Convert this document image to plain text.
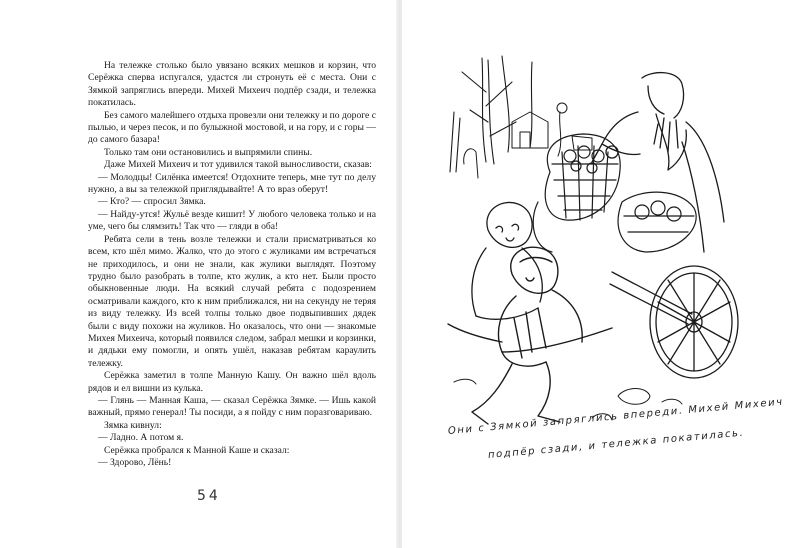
На тележке столько было увязано всяких мешков и корзин, что Серёжка сперва испугался, удастся ли стронуть её с места. Они с Зямкой запряглись впереди. Михей Михеич подпёр сзади, и тележка покатилась.

Без самого малейшего отдыха провезли они тележку и по дороге с пылью, и через песок, и по булыжной мостовой, и на гору, и с горы — до самого базара!

Только там они остановились и выпрямили спины.

Даже Михей Михеич и тот удивился такой выносливости, сказав:

— Молодцы! Силёнка имеется! Отдохните теперь, мне тут по делу нужно, а вы за тележкой приглядывайте! А то враз оберут!

— Кто? — спросил Зямка.

— Найду-утся! Жульё везде кишит! У любого человека только и на уме, чего бы слямзить! Так что — гляди в оба!

Ребята сели в тень возле тележки и стали присматриваться ко всем, кто шёл мимо. Жалко, что до этого с жуликами им встречаться не приходилось, и они не знали, как жулики выглядят. Поэтому трудно было разобрать в толпе, кто жулик, а кто нет. Были просто обыкновенные люди. На всякий случай ребята с подозрением осматривали каждого, кто к ним приближался, ни на секунду не теряя из виду тележку. Из всей толпы только двое подвыпивших дядек были с виду похожи на жуликов. Но оказалось, что они — знакомые Михея Михеича, который появился следом, забрал мешки и корзинки, и дядьки ему помогли, и опять ушёл, наказав ребятам караулить тележку.

Серёжка заметил в толпе Манную Кашу. Он важно шёл вдоль рядов и ел вишни из кулька.

— Глянь — Манная Каша, — сказал Серёжка Зямке. — Ишь какой важный, прямо генерал! Ты посиди, а я пойду с ним поразговариваю.

Зямка кивнул:

— Ладно. А потом я.

Серёжка пробрался к Манной Каше и сказал:

— Здорово, Лёнь!

54
Они с Зямкой запряглись впереди. Михей Михеич
подпёр сзади, и тележка покатилась.
